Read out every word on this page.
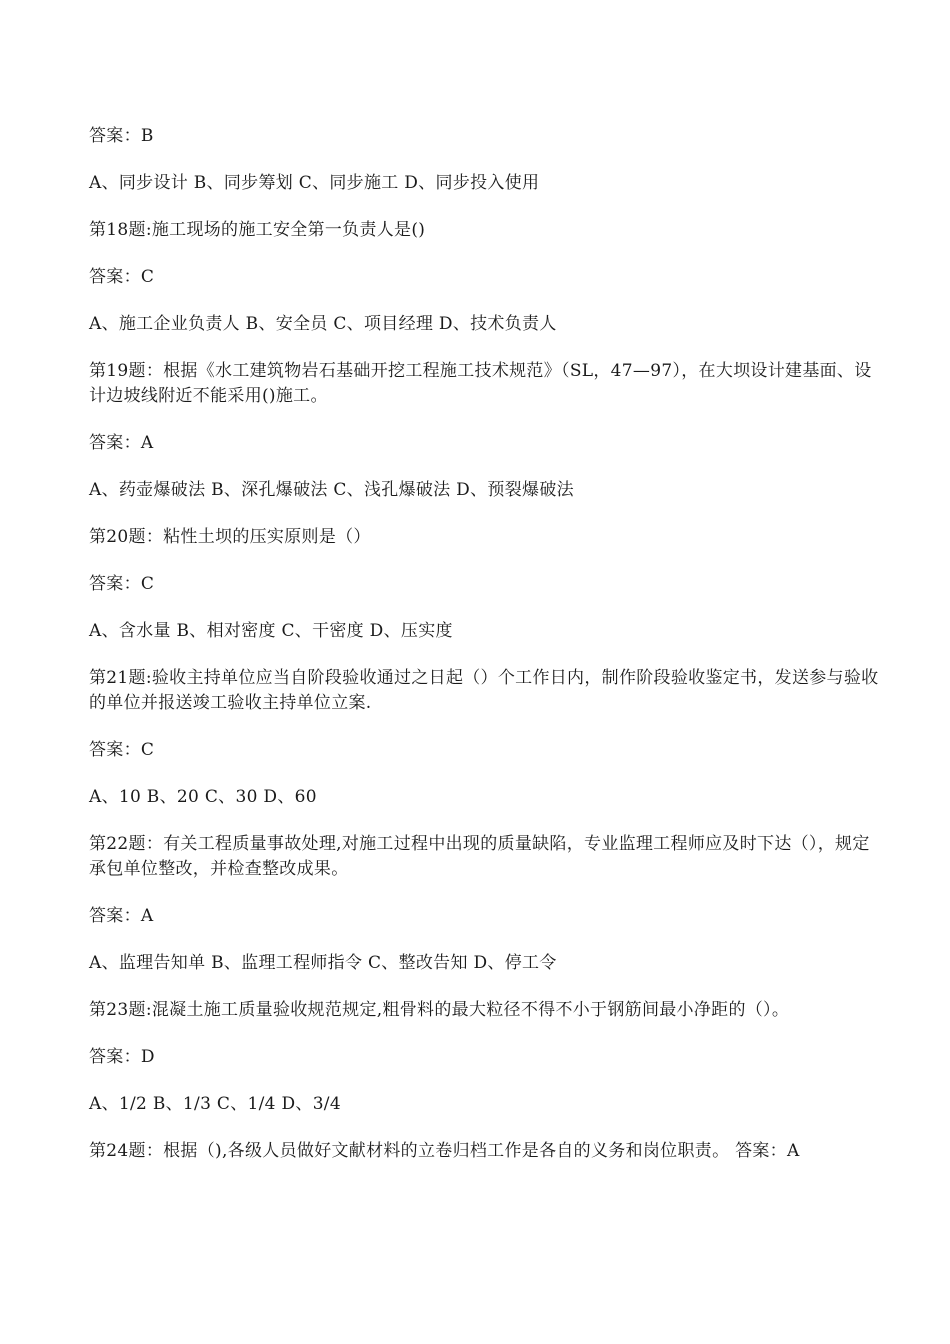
答案：B

A、同步设计 B、同步筹划 C、同步施工 D、同步投入使用

第18题:施工现场的施工安全第一负责人是()

答案：C

A、施工企业负责人 B、安全员 C、项目经理 D、技术负责人

第19题：根据《水工建筑物岩石基础开挖工程施工技术规范》（SL，47—97），在大坝设计建基面、设计边坡线附近不能采用()施工。

答案：A

A、药壶爆破法 B、深孔爆破法 C、浅孔爆破法 D、预裂爆破法

第20题：粘性土坝的压实原则是（）

答案：C

A、含水量 B、相对密度 C、干密度 D、压实度

第21题:验收主持单位应当自阶段验收通过之日起（）个工作日内，制作阶段验收鉴定书，发送参与验收的单位并报送竣工验收主持单位立案.

答案：C

A、10 B、20 C、30 D、60

第22题：有关工程质量事故处理,对施工过程中出现的质量缺陷，专业监理工程师应及时下达（），规定承包单位整改，并检查整改成果。

答案：A

A、监理告知单 B、监理工程师指令 C、整改告知 D、停工令

第23题:混凝土施工质量验收规范规定,粗骨料的最大粒径不得不小于钢筋间最小净距的（）。

答案：D

A、1/2 B、1/3 C、1/4 D、3/4

第24题：根据（),各级人员做好文献材料的立卷归档工作是各自的义务和岗位职责。 答案：A
